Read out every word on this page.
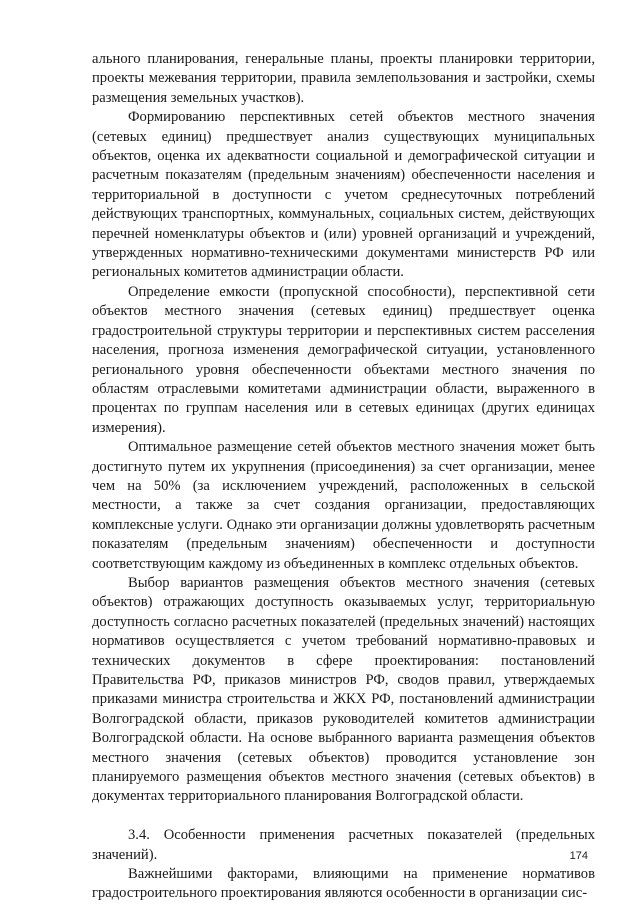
ального планирования, генеральные планы, проекты планировки территории, проекты межевания территории, правила землепользования и застройки, схемы размещения земельных участков).

Формированию перспективных сетей объектов местного значения (сетевых единиц) предшествует анализ существующих муниципальных объектов, оценка их адекватности социальной и демографической ситуации и расчетным показателям (предельным значениям) обеспеченности населения и территориальной в доступности с учетом среднесуточных потреблений действующих транспортных, коммунальных, социальных систем, действующих перечней номенклатуры объектов и (или) уровней организаций и учреждений, утвержденных нормативно-техническими документами министерств РФ или региональных комитетов администрации области.

Определение емкости (пропускной способности), перспективной сети объектов местного значения (сетевых единиц) предшествует оценка градостроительной структуры территории и перспективных систем расселения населения, прогноза изменения демографической ситуации, установленного регионального уровня обеспеченности объектами местного значения по областям отраслевыми комитетами администрации области, выраженного в процентах по группам населения или в сетевых единицах (других единицах измерения).

Оптимальное размещение сетей объектов местного значения может быть достигнуто путем их укрупнения (присоединения) за счет организации, менее чем на 50% (за исключением учреждений, расположенных в сельской местности, а также за счет создания организации, предоставляющих комплексные услуги. Однако эти организации должны удовлетворять расчетным показателям (предельным значениям) обеспеченности и доступности соответствующим каждому из объединенных в комплекс отдельных объектов.

Выбор вариантов размещения объектов местного значения (сетевых объектов) отражающих доступность оказываемых услуг, территориальную доступность согласно расчетных показателей (предельных значений) настоящих нормативов осуществляется с учетом требований нормативно-правовых и технических документов в сфере проектирования: постановлений Правительства РФ, приказов министров РФ, сводов правил, утверждаемых приказами министра строительства и ЖКХ РФ, постановлений администрации Волгоградской области, приказов руководителей комитетов администрации Волгоградской области. На основе выбранного варианта размещения объектов местного значения (сетевых объектов) проводится установление зон планируемого размещения объектов местного значения (сетевых объектов) в документах территориального планирования Волгоградской области.

3.4. Особенности применения расчетных показателей (предельных значений).

Важнейшими факторами, влияющими на применение нормативов градостроительного проектирования являются особенности в организации сис-

174
